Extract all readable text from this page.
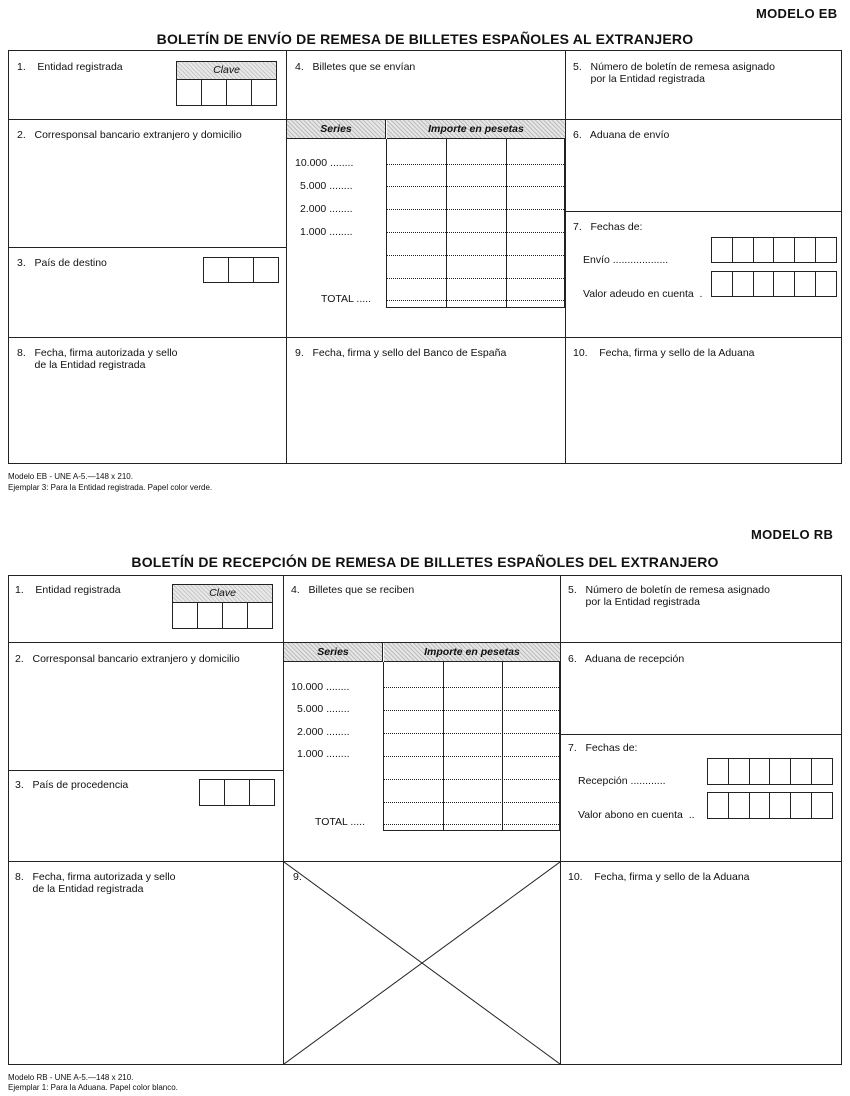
MODELO EB
BOLETÍN DE ENVÍO DE REMESA DE BILLETES ESPAÑOLES AL EXTRANJERO
1.    Entidad registrada	Clave	4.   Billetes que se envían	5.   Número de boletín de remesa asignado
por la Entidad registrada
2.   Corresponsal bancario extranjero y domicilio	Series	Importe en pesetas
10.000 ........
5.000 ........
2.000 ........
1.000 ........
TOTAL .....
6.   Aduana de envío
7.   Fechas de:
Envío ...................
Valor adeudo en cuenta  .
3.   País de destino
8.   Fecha, firma autorizada y sello
de la Entidad registrada
9.   Fecha, firma y sello del Banco de España	10.    Fecha, firma y sello de la Aduana
Modelo EB - UNE A-5.—148 x 210.
Ejemplar 3: Para la Entidad registrada. Papel color verde.
MODELO RB
BOLETÍN DE RECEPCIÓN DE REMESA DE BILLETES ESPAÑOLES DEL EXTRANJERO
1.    Entidad registrada	Clave	4.   Billetes que se reciben	5.   Número de boletín de remesa asignado
por la Entidad registrada
2.   Corresponsal bancario extranjero y domicilio
Series	Importe en pesetas
10.000 ........
5.000 ........
2.000 ........
1.000 ........
TOTAL .....
6.   Aduana de recepción
7.   Fechas de:
Recepción ............
Valor abono en cuenta  ..
3.   País de procedencia
8.   Fecha, firma autorizada y sello
de la Entidad registrada
9.	10.    Fecha, firma y sello de la Aduana
Modelo RB - UNE A-5.—148 x 210.
Ejemplar 1: Para la Aduana. Papel color blanco.
